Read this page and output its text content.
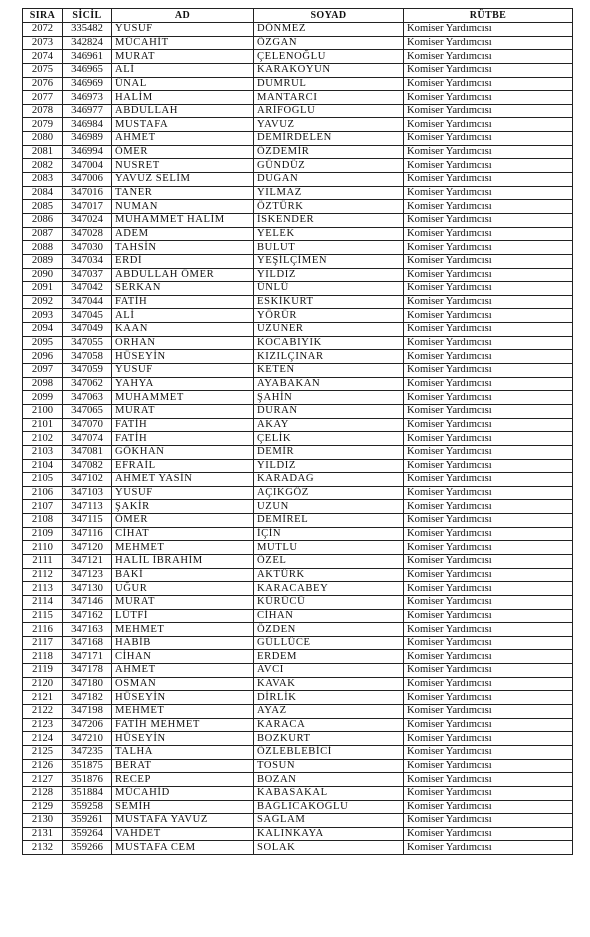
SIRA	SİCİL	AD	SOYAD	RÜTBE
2072	335482	YUSUF	DÖNMEZ	Komiser Yardımcısı
2073	342824	MÜCAHİT	ÖZGAN	Komiser Yardımcısı
2074	346961	MURAT	ÇELENOĞLU	Komiser Yardımcısı
2075	346965	ALİ	KARAKOYUN	Komiser Yardımcısı
2076	346969	ÜNAL	DUMRUL	Komiser Yardımcısı
2077	346973	HALİM	MANTARCI	Komiser Yardımcısı
2078	346977	ABDULLAH	ARİFOĞLU	Komiser Yardımcısı
2079	346984	MUSTAFA	YAVUZ	Komiser Yardımcısı
2080	346989	AHMET	DEMİRDELEN	Komiser Yardımcısı
2081	346994	ÖMER	ÖZDEMİR	Komiser Yardımcısı
2082	347004	NUSRET	GÜNDÜZ	Komiser Yardımcısı
2083	347006	YAVUZ SELİM	DUĞAN	Komiser Yardımcısı
2084	347016	TANER	YILMAZ	Komiser Yardımcısı
2085	347017	NUMAN	ÖZTÜRK	Komiser Yardımcısı
2086	347024	MUHAMMET HALİM	İSKENDER	Komiser Yardımcısı
2087	347028	ADEM	YELEK	Komiser Yardımcısı
2088	347030	TAHSİN	BULUT	Komiser Yardımcısı
2089	347034	ERDİ	YEŞİLÇİMEN	Komiser Yardımcısı
2090	347037	ABDULLAH ÖMER	YILDIZ	Komiser Yardımcısı
2091	347042	SERKAN	ÜNLÜ	Komiser Yardımcısı
2092	347044	FATİH	ESKİKURT	Komiser Yardımcısı
2093	347045	ALİ	YÖRÜR	Komiser Yardımcısı
2094	347049	KAAN	UZUNER	Komiser Yardımcısı
2095	347055	ORHAN	KOCABIYIK	Komiser Yardımcısı
2096	347058	HÜSEYİN	KIZILÇINAR	Komiser Yardımcısı
2097	347059	YUSUF	KETEN	Komiser Yardımcısı
2098	347062	YAHYA	AYABAKAN	Komiser Yardımcısı
2099	347063	MUHAMMET	ŞAHİN	Komiser Yardımcısı
2100	347065	MURAT	DURAN	Komiser Yardımcısı
2101	347070	FATİH	AKAY	Komiser Yardımcısı
2102	347074	FATİH	ÇELİK	Komiser Yardımcısı
2103	347081	GÖKHAN	DEMİR	Komiser Yardımcısı
2104	347082	EFRAİL	YILDIZ	Komiser Yardımcısı
2105	347102	AHMET YASİN	KARADAĞ	Komiser Yardımcısı
2106	347103	YUSUF	AÇIKGÖZ	Komiser Yardımcısı
2107	347113	ŞAKİR	UZUN	Komiser Yardımcısı
2108	347115	ÖMER	DEMİREL	Komiser Yardımcısı
2109	347116	CİHAT	İÇİN	Komiser Yardımcısı
2110	347120	MEHMET	MUTLU	Komiser Yardımcısı
2111	347121	HALİL İBRAHİM	ÖZEL	Komiser Yardımcısı
2112	347123	BAKİ	AKTÜRK	Komiser Yardımcısı
2113	347130	UĞUR	KARACABEY	Komiser Yardımcısı
2114	347146	MURAT	KÜRÜCÜ	Komiser Yardımcısı
2115	347162	LÜTFİ	CİHAN	Komiser Yardımcısı
2116	347163	MEHMET	ÖZDEN	Komiser Yardımcısı
2117	347168	HABİB	GÜLLÜCE	Komiser Yardımcısı
2118	347171	CİHAN	ERDEM	Komiser Yardımcısı
2119	347178	AHMET	AVCI	Komiser Yardımcısı
2120	347180	OSMAN	KAVAK	Komiser Yardımcısı
2121	347182	HÜSEYİN	DİRLİK	Komiser Yardımcısı
2122	347198	MEHMET	AYAZ	Komiser Yardımcısı
2123	347206	FATİH MEHMET	KARACA	Komiser Yardımcısı
2124	347210	HÜSEYİN	BOZKURT	Komiser Yardımcısı
2125	347235	TALHA	ÖZLEBLEBİCİ	Komiser Yardımcısı
2126	351875	BERAT	TOSUN	Komiser Yardımcısı
2127	351876	RECEP	BOZAN	Komiser Yardımcısı
2128	351884	MÜCAHİD	KABASAKAL	Komiser Yardımcısı
2129	359258	SEMİH	BAĞLICAKOĞLU	Komiser Yardımcısı
2130	359261	MUSTAFA YAVUZ	SAĞLAM	Komiser Yardımcısı
2131	359264	VAHDET	KALINKAYA	Komiser Yardımcısı
2132	359266	MUSTAFA CEM	SOLAK	Komiser Yardımcısı
